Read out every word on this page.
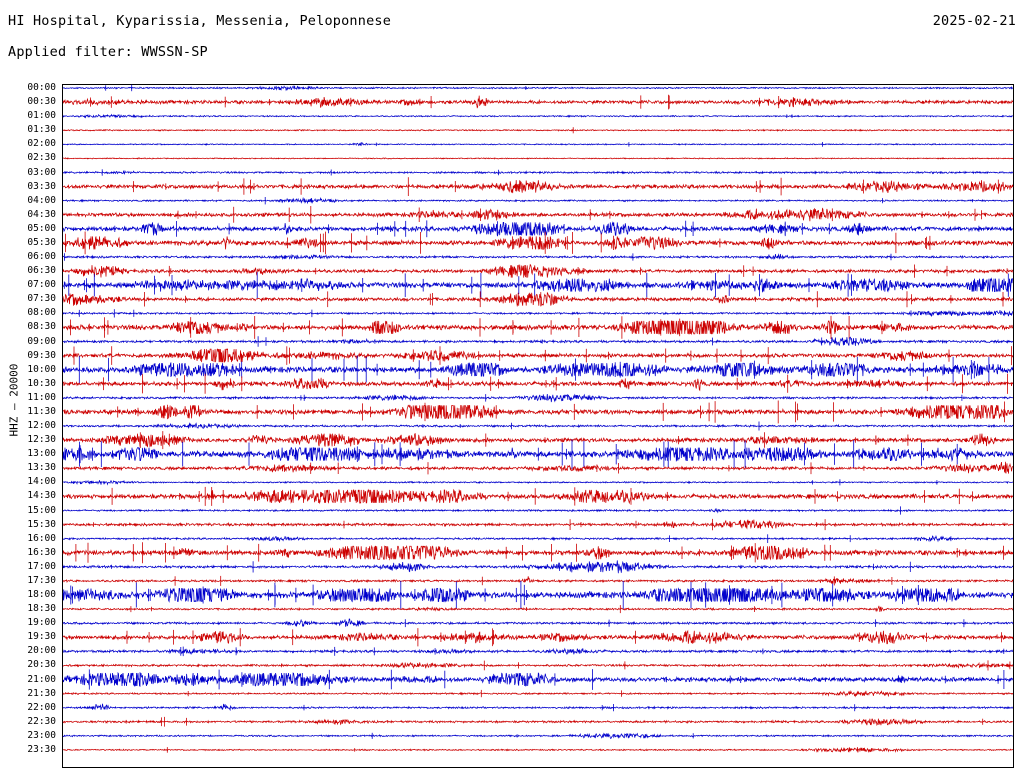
HI Hospital, Kyparissia, Messenia, Peloponnese	2025-02-21
Applied filter: WWSSN-SP
HHZ — 20000
00:00
00:30
01:00
01:30
02:00
02:30
03:00
03:30
04:00
04:30
05:00
05:30
06:00
06:30
07:00
07:30
08:00
08:30
09:00
09:30
10:00
10:30
11:00
11:30
12:00
12:30
13:00
13:30
14:00
14:30
15:00
15:30
16:00
16:30
17:00
17:30
18:00
18:30
19:00
19:30
20:00
20:30
21:00
21:30
22:00
22:30
23:00
23:30
